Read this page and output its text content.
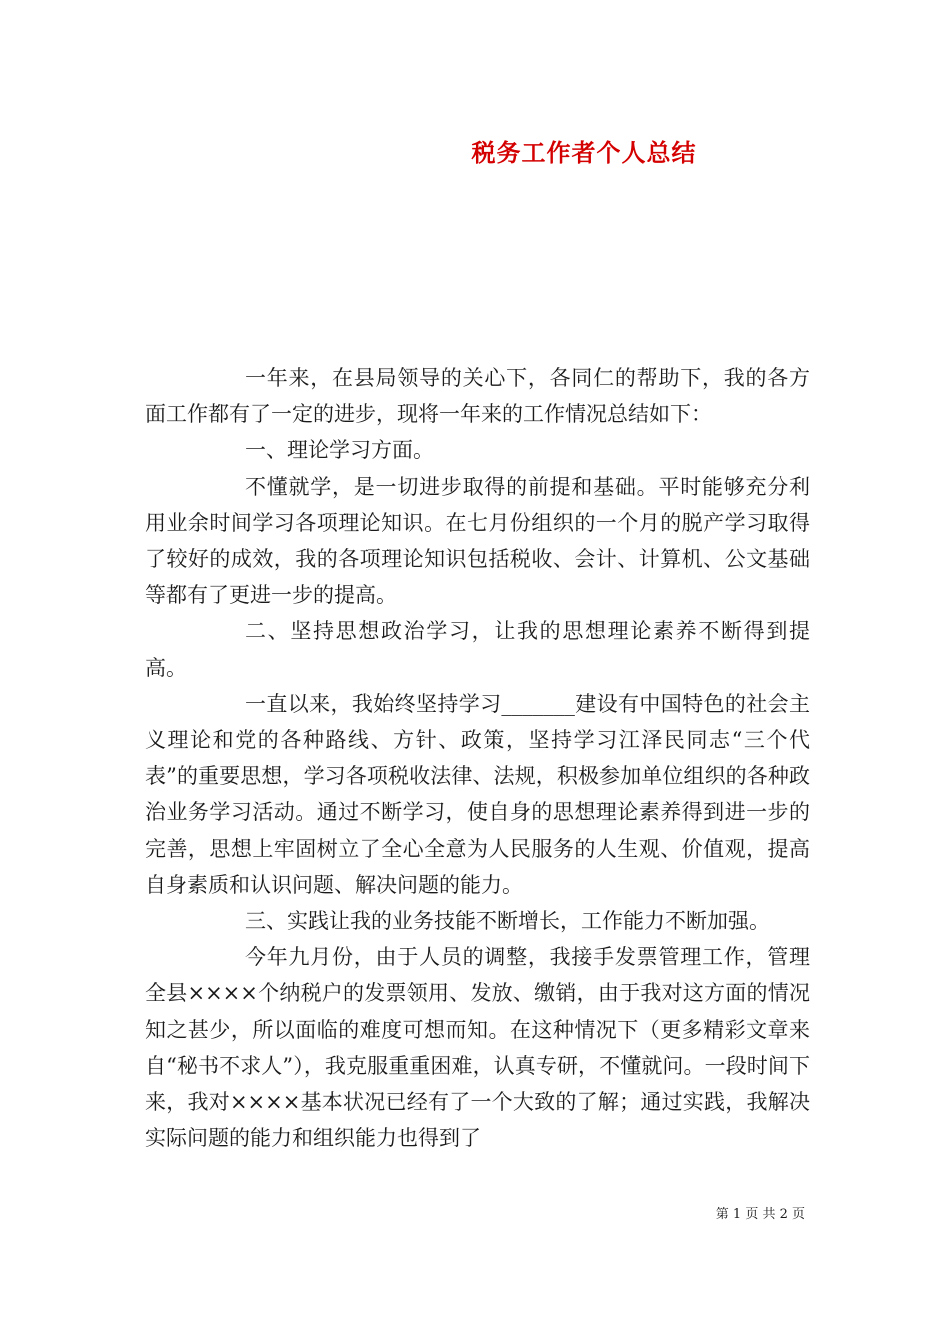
税务工作者个人总结

一年来，在县局领导的关心下，各同仁的帮助下，我的各方面工作都有了一定的进步，现将一年来的工作情况总结如下：

一、理论学习方面。

不懂就学，是一切进步取得的前提和基础。平时能够充分利用业余时间学习各项理论知识。在七月份组织的一个月的脱产学习取得了较好的成效，我的各项理论知识包括税收、会计、计算机、公文基础等都有了更进一步的提高。

二、坚持思想政治学习，让我的思想理论素养不断得到提高。

一直以来，我始终坚持学习_______建设有中国特色的社会主义理论和党的各种路线、方针、政策，坚持学习江泽民同志“三个代表”的重要思想，学习各项税收法律、法规，积极参加单位组织的各种政治业务学习活动。通过不断学习，使自身的思想理论素养得到进一步的完善，思想上牢固树立了全心全意为人民服务的人生观、价值观，提高自身素质和认识问题、解决问题的能力。

三、实践让我的业务技能不断增长，工作能力不断加强。

今年九月份，由于人员的调整，我接手发票管理工作，管理全县××××个纳税户的发票领用、发放、缴销，由于我对这方面的情况知之甚少，所以面临的难度可想而知。在这种情况下（更多精彩文章来自“秘书不求人”），我克服重重困难，认真专研，不懂就问。一段时间下来，我对××××基本状况已经有了一个大致的了解；通过实践，我解决实际问题的能力和组织能力也得到了

第 1 页 共 2 页
